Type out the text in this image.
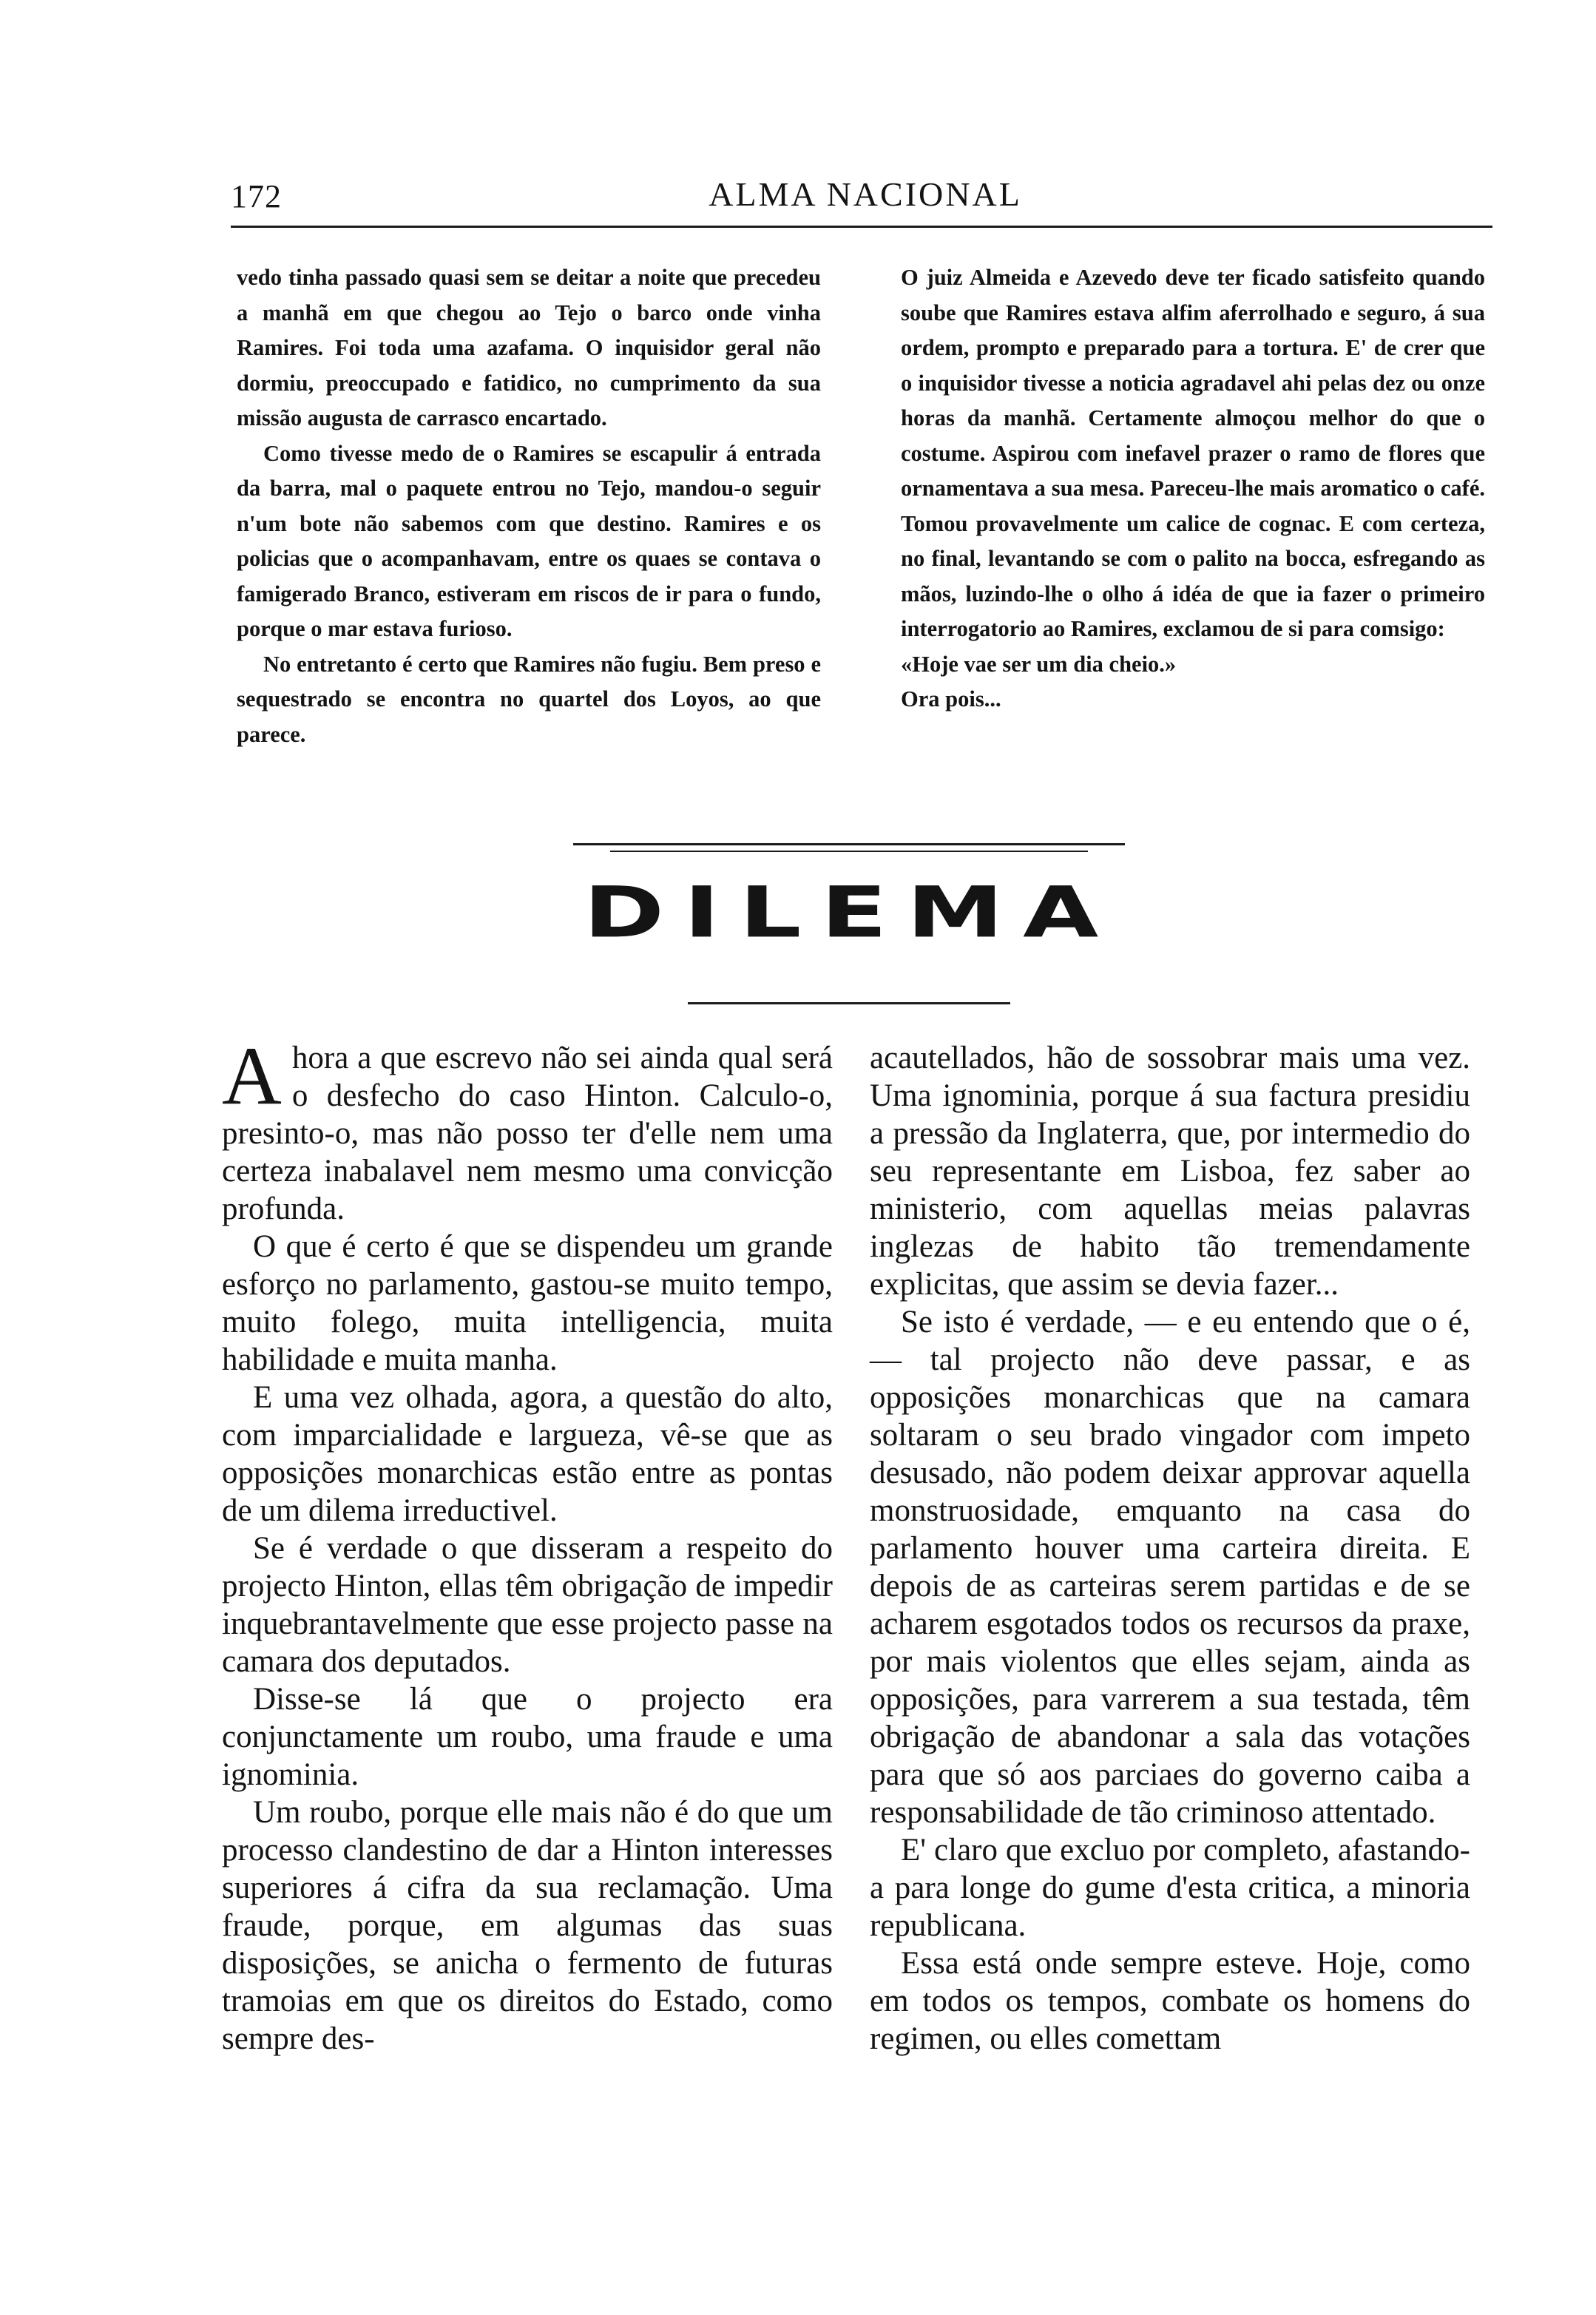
172	ALMA NACIONAL

vedo tinha passado quasi sem se deitar a noite que precedeu a manhã em que chegou ao Tejo o barco onde vinha Ramires. Foi toda uma azafama. O inquisidor geral não dormiu, preoccupado e fatidico, no cumprimento da sua missão augusta de carrasco encartado.

Como tivesse medo de o Ramires se escapulir á entrada da barra, mal o paquete entrou no Tejo, mandou-o seguir n'um bote não sabemos com que destino. Ramires e os policias que o acompanhavam, entre os quaes se contava o famigerado Branco, estiveram em riscos de ir para o fundo, porque o mar estava furioso.

No entretanto é certo que Ramires não fugiu. Bem preso e sequestrado se encontra no quartel dos Loyos, ao que parece.

O juiz Almeida e Azevedo deve ter ficado satisfeito quando soube que Ramires estava alfim aferrolhado e seguro, á sua ordem, prompto e preparado para a tortura. E' de crer que o inquisidor tivesse a noticia agradavel ahi pelas dez ou onze horas da manhã. Certamente almoçou melhor do que o costume. Aspirou com inefavel prazer o ramo de flores que ornamentava a sua mesa. Pareceu-lhe mais aromatico o café. Tomou provavelmente um calice de cognac. E com certeza, no final, levantando se com o palito na bocca, esfregando as mãos, luzindo-lhe o olho á idéa de que ia fazer o primeiro interrogatorio ao Ramires, exclamou de si para comsigo:

«Hoje vae ser um dia cheio.»

Ora pois...

DILEMA

Ahora a que escrevo não sei ainda qual será o desfecho do caso Hinton. Calculo-o, presinto-o, mas não posso ter d'elle nem uma certeza inabalavel nem mesmo uma convicção profunda.

O que é certo é que se dispendeu um grande esforço no parlamento, gastou-se muito tempo, muito folego, muita intelligencia, muita habilidade e muita manha.

E uma vez olhada, agora, a questão do alto, com imparcialidade e largueza, vê-se que as opposições monarchicas estão entre as pontas de um dilema irreductivel.

Se é verdade o que disseram a respeito do projecto Hinton, ellas têm obrigação de impedir inquebrantavelmente que esse projecto passe na camara dos deputados.

Disse-se lá que o projecto era conjunctamente um roubo, uma fraude e uma ignominia.

Um roubo, porque elle mais não é do que um processo clandestino de dar a Hinton interesses superiores á cifra da sua reclamação. Uma fraude, porque, em algumas das suas disposições, se anicha o fermento de futuras tramoias em que os direitos do Estado, como sempre des-

acautellados, hão de sossobrar mais uma vez. Uma ignominia, porque á sua factura presidiu a pressão da Inglaterra, que, por intermedio do seu representante em Lisboa, fez saber ao ministerio, com aquellas meias palavras inglezas de habito tão tremendamente explicitas, que assim se devia fazer...

Se isto é verdade, — e eu entendo que o é, — tal projecto não deve passar, e as opposições monarchicas que na camara soltaram o seu brado vingador com impeto desusado, não podem deixar approvar aquella monstruosidade, emquanto na casa do parlamento houver uma carteira direita. E depois de as carteiras serem partidas e de se acharem esgotados todos os recursos da praxe, por mais violentos que elles sejam, ainda as opposições, para varrerem a sua testada, têm obrigação de abandonar a sala das votações para que só aos parciaes do governo caiba a responsabilidade de tão criminoso attentado.

E' claro que excluo por completo, afastando-a para longe do gume d'esta critica, a minoria republicana.

Essa está onde sempre esteve. Hoje, como em todos os tempos, combate os homens do regimen, ou elles comettam
